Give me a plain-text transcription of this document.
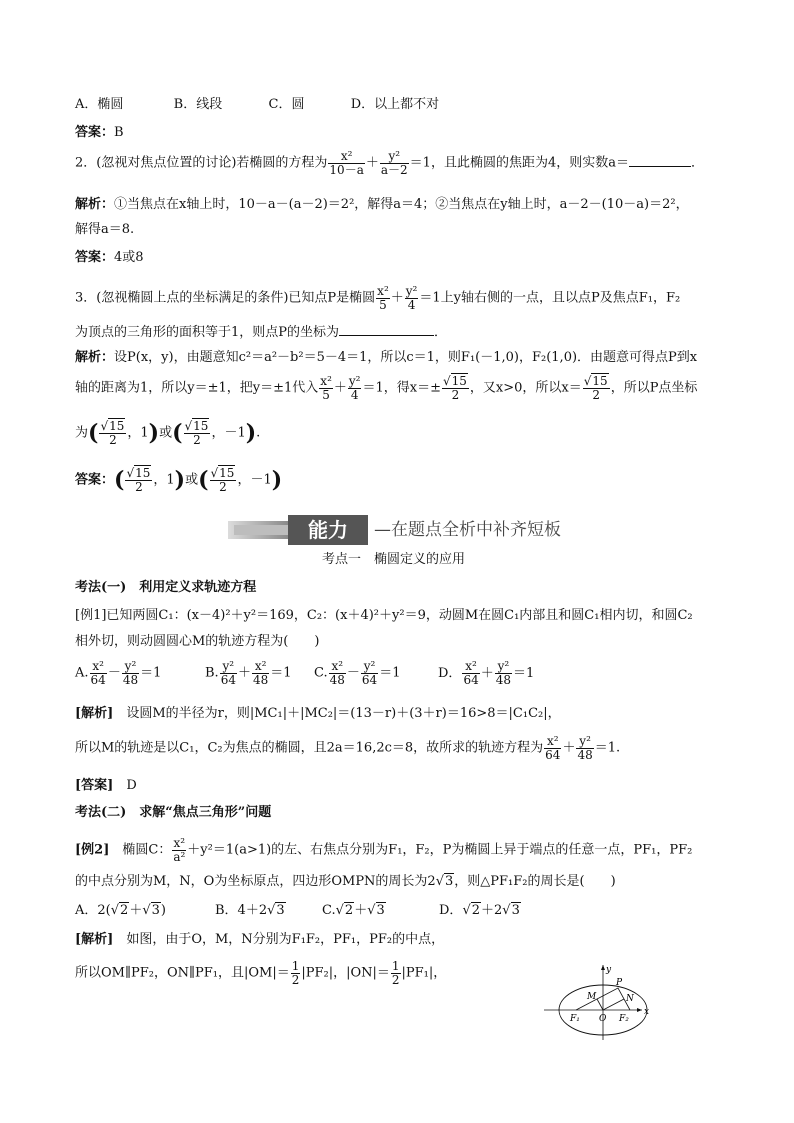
A．椭圆	B．线段	C．圆	D．以上都不对
答案：B
2．(忽视对焦点位置的讨论)若椭圆的方程为 $\frac{\text{x²}}{10-a} + \frac{\text{y²}}{a-2} =1$，且此椭圆的焦距为4，则实数a＝	．
解析：①当焦点在x轴上时，10－a－(a－2)＝2²，解得a＝4；②当焦点在y轴上时，a－2－(10－a)＝2²，
解得a＝8.
答案：4或8
3．(忽视椭圆上点的坐标满足的条件)已知点P是椭圆 $\frac{\text{x²}}{5} + \frac{\text{y²}}{4} =1$上y轴右侧的一点，且以点P及焦点F₁，F₂
为顶点的三角形的面积等于1，则点P的坐标为	．
解析：设P(x，y)，由题意知c²＝a²－b²＝5－4＝1，所以c＝1，则F₁(－1,0)，F₂(1,0)．由题意可得点P到x
轴的距离为1，所以y＝±1，把y＝±1代入 $\frac{\text{x²}}{5} + \frac{\text{y²}}{4} =1$，得$x=\pm \frac{√15}{2}$ ，又x>0，所以$x= \frac{√15}{2}$ ，所以P点坐标
为( $\frac{√15}{2}$ ，1)或( $\frac{√15}{2}$ ，－1).
答案：( $\frac{√15}{2}$ ，1)或( $\frac{√15}{2}$ ，－1)
能力	—在题点全析中补齐短板
考点一　椭圆定义的应用
考法(一)　利用定义求轨迹方程
[例1]已知两圆C₁：(x－4)²＋y²＝169，C₂：(x＋4)²＋y²＝9，动圆M在圆C₁内部且和圆C₁相内切，和圆C₂
相外切，则动圆圆心M的轨迹方程为(　　)
A. $\frac{\text{x²}}{64} - \frac{\text{y²}}{48} =1$	B. $\frac{\text{y²}}{64} + \frac{\text{x²}}{48} =1$ C. $\frac{\text{x²}}{48} - \frac{\text{y²}}{64} =1$	D． $\frac{\text{x²}}{64} + \frac{\text{y²}}{48} =1$
[解析]　 设圆M的半径为r，则|MC₁|＋|MC₂|＝(13－r)＋(3＋r)＝16>8＝|C₁C₂|，
所以M的轨迹是以C₁，C₂为焦点的椭圆，且2a＝16,2c＝8，故所求的轨迹方程为 $\frac{\text{x²}}{64} + \frac{\text{y²}}{48} =1$.
[答案]　 D
考法(二)　求解“焦点三角形”问题
[例2]　 椭圆C： $\frac{\text{x²}}{\text{a²}} +y^2=1(a>1)$的左、右焦点分别为F₁，F₂，P为椭圆上异于端点的任意一点，PF₁，PF₂
的中点分别为M，N，O为坐标原点，四边形OMPN的周长为2√3，则△PF₁F₂的周长是(　　)
A．2(√2＋√3)	B．4＋2√3	C.√2＋√3	D．√2＋2√3
[解析]　 如图，由于O，M，N分别为F₁F₂，PF₁，PF₂的中点，
所以OM∥PF₂，ON∥PF₁，且$|OM|= \frac{1}{2} |PF_2|$，$|ON|= \frac{1}{2} |PF_1|$，	y
x
P
M	N
F₁ O F₂
